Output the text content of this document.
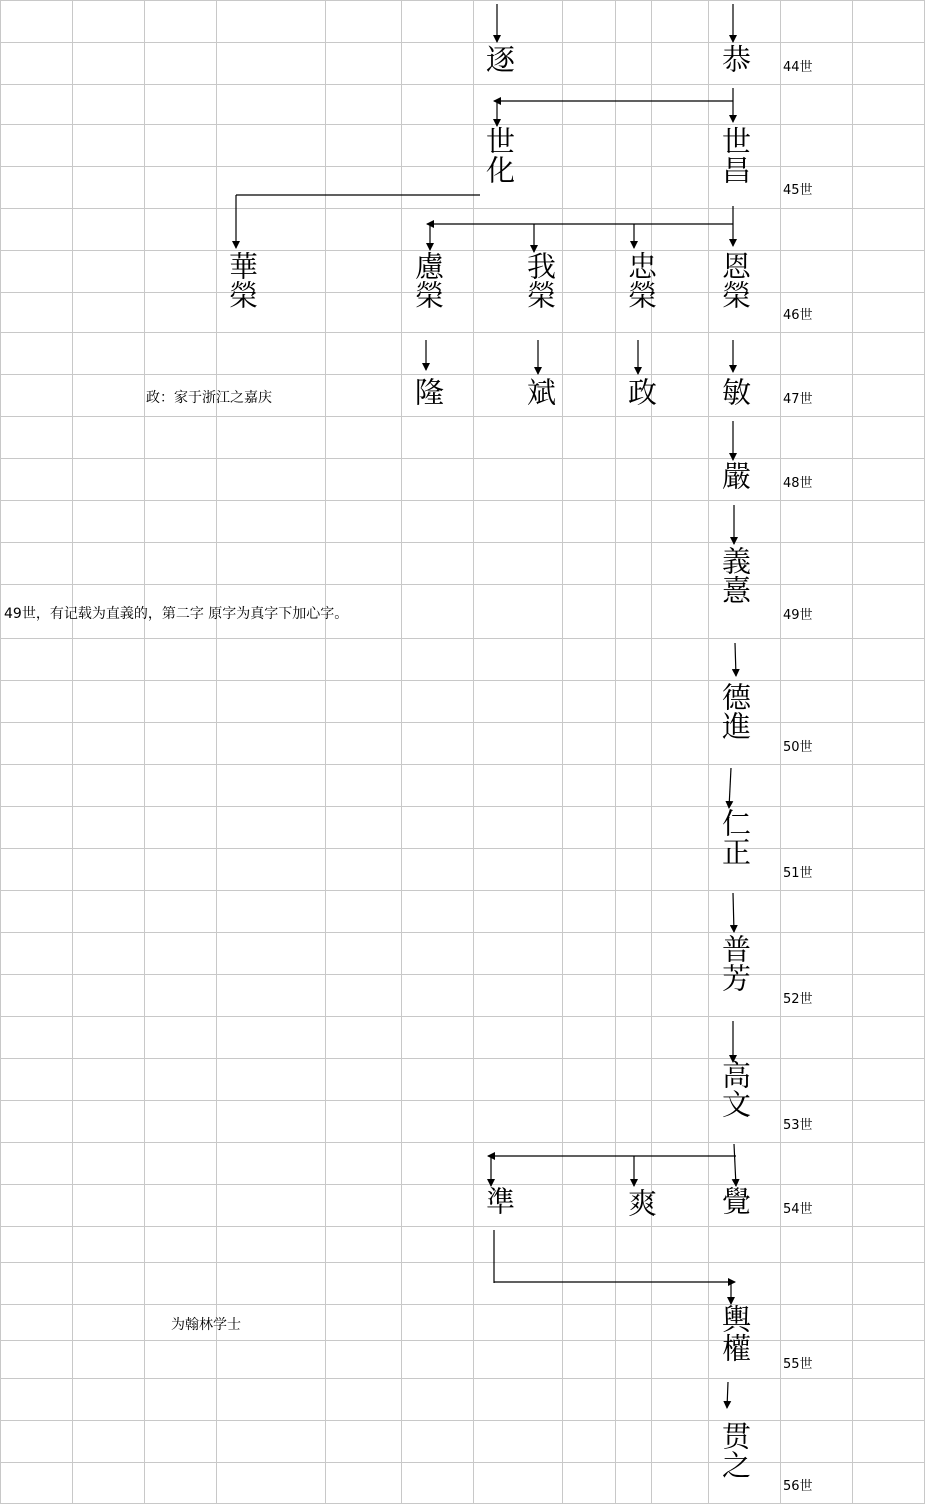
逐	恭
世化	世昌
華榮	慮榮	我榮 忠榮 恩榮
隆	斌 政 敏
嚴
義憙
德進
仁正
普芳
高文
準	爽 覺
輿權
贯之
44世
45世
46世
47世
48世
49世
50世
51世
52世
53世
54世
55世
56世
政：家于浙江之嘉庆
49世，有记载为直義的，第二字 原字为真字下加心字。
为翰林学士
